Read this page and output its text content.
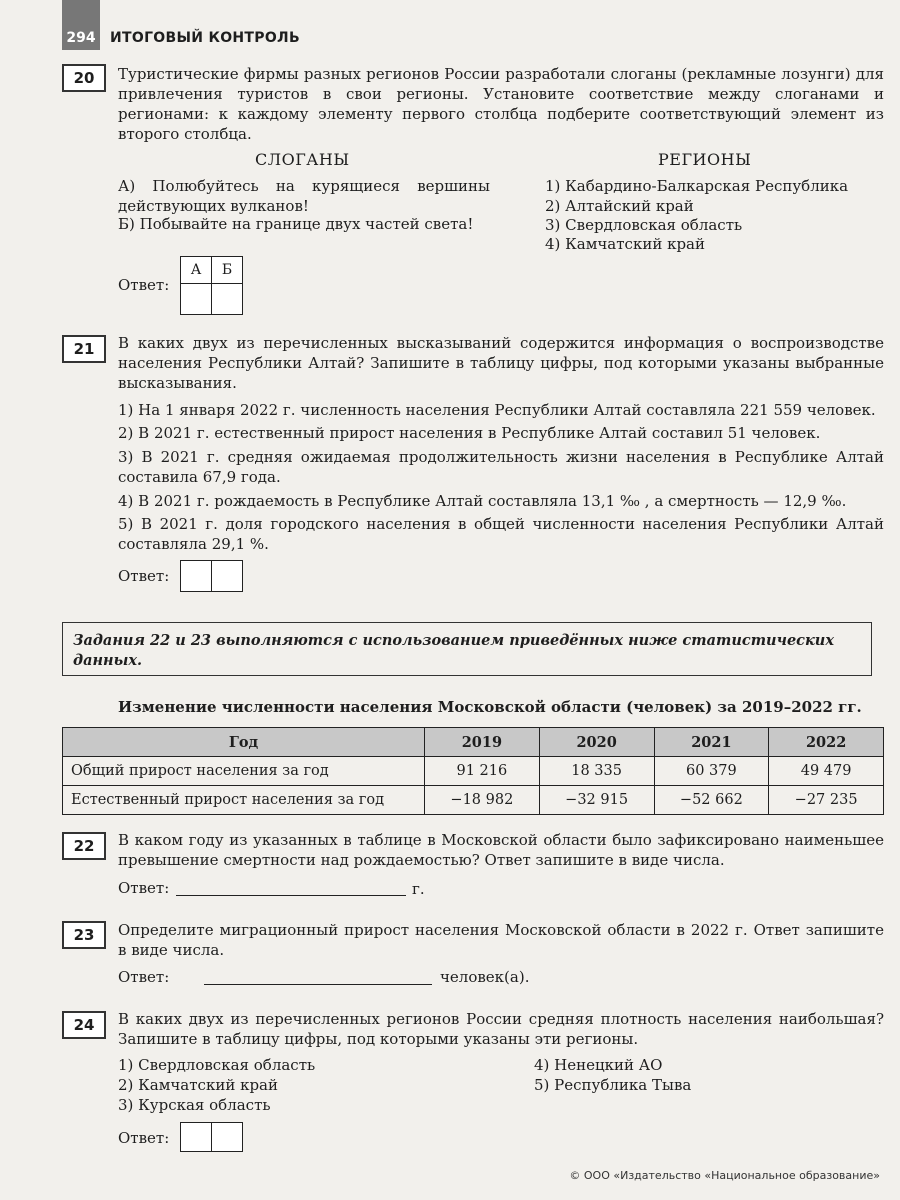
294	ИТОГОВЫЙ КОНТРОЛЬ
20	Туристические фирмы разных регионов России разработали слоганы (рекламные лозунги) для привлечения туристов в свои регионы. Установите соответствие между слоганами и регионами: к каждому элементу первого столбца подберите соответствующий элемент из второго столбца.
СЛОГАНЫ	РЕГИОНЫ
А) Полюбуйтесь на курящиеся вершины действующих вулканов!
Б) Побывайте на границе двух частей света!
1) Кабардино-Балкарская Республика
2) Алтайский край
3) Свердловская область
4) Камчатский край
Ответ:
А	Б
21	В каких двух из перечисленных высказываний содержится информация о воспроизводстве населения Республики Алтай? Запишите в таблицу цифры, под которыми указаны выбранные высказывания.
1) На 1 января 2022 г. численность населения Республики Алтай составляла 221 559 человек.
2) В 2021 г. естественный прирост населения в Республике Алтай составил 51 человек.
3) В 2021 г. средняя ожидаемая продолжительность жизни населения в Республике Алтай составила 67,9 года.
4) В 2021 г. рождаемость в Республике Алтай составляла 13,1 ‰ , а смертность — 12,9 ‰.
5) В 2021 г. доля городского населения в общей численности населения Республики Алтай составляла 29,1 %.
Ответ:
Задания 22 и 23 выполняются с использованием приведённых ниже статистических данных.
Изменение численности населения Московской области (человек) за 2019–2022 гг.
Год	2019	2020	2021	2022
Общий прирост населения за год	91 216	18 335	60 379	49 479
Естественный прирост населения за год	−18 982	−32 915	−52 662	−27 235
22	В каком году из указанных в таблице в Московской области было зафиксировано наименьшее превышение смертности над рождаемостью? Ответ запишите в виде числа.
Ответ:	г.
23	Определите миграционный прирост населения Московской области в 2022 г. Ответ запишите в виде числа.
Ответ:	человек(а).
24	В каких двух из перечисленных регионов России средняя плотность населения наибольшая? Запишите в таблицу цифры, под которыми указаны эти регионы.
1) Свердловская область
2) Камчатский край
3) Курская область
4) Ненецкий АО
5) Республика Тыва
Ответ:
© ООО «Издательство «Национальное образование»
